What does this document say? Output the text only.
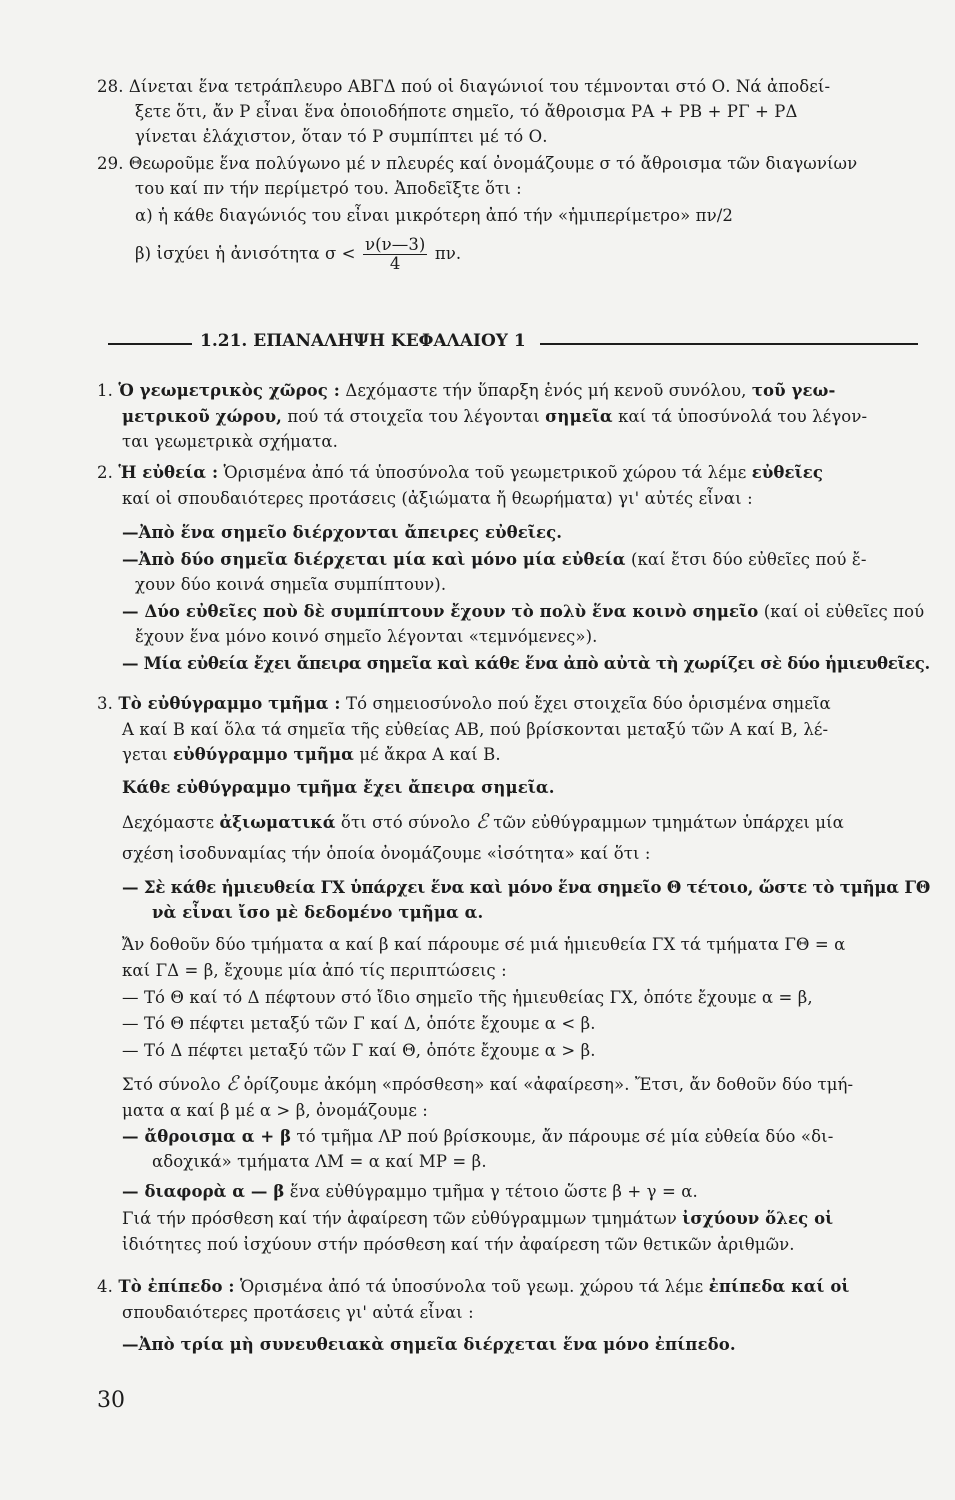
28. Δίνεται ἕνα τετράπλευρο ΑΒΓΔ πού οἱ διαγώνιοί του τέμνονται στό Ο. Νά ἀποδεί-
ξετε ὅτι, ἄν Ρ εἶναι ἕνα ὁποιοδήποτε σημεῖο, τό ἄθροισμα ΡΑ + ΡΒ + ΡΓ + ΡΔ
γίνεται ἐλάχιστον, ὅταν τό Ρ συμπίπτει μέ τό Ο.
29. Θεωροῦμε ἕνα πολύγωνο μέ ν πλευρές καί ὀνομάζουμε σ τό ἄθροισμα τῶν διαγωνίων
του καί πν τήν περίμετρό του. Ἀποδεῖξτε ὅτι :
α) ἡ κάθε διαγώνιός του εἶναι μικρότερη ἀπό τήν «ἡμιπερίμετρο» πν/2
β) ἰσχύει ἡ ἀνισότητα $\sigma < \frac{\nu(\nu—3)}{4} \pi\nu$.
1.21. ΕΠΑΝΑΛΗΨΗ ΚΕΦΑΛΑΙΟΥ 1
1. Ὁ γεωμετρικὸς χῶρος : Δεχόμαστε τήν ὕπαρξη ἑνός μή κενοῦ συνόλου, τοῦ γεω-
μετρικοῦ χώρου, πού τά στοιχεῖα του λέγονται σημεῖα καί τά ὑποσύνολά του λέγον-
ται γεωμετρικὰ σχήματα.
2. Ἡ εὐθεία : Ὁρισμένα ἀπό τά ὑποσύνολα τοῦ γεωμετρικοῦ χώρου τά λέμε εὐθεῖες
καί οἱ σπουδαιότερες προτάσεις (ἀξιώματα ἤ θεωρήματα) γι' αὐτές εἶναι :
—Ἀπὸ ἕνα σημεῖο διέρχονται ἄπειρες εὐθεῖες.
—Ἀπὸ δύο σημεῖα διέρχεται μία καὶ μόνο μία εὐθεία (καί ἔτσι δύο εὐθεῖες πού ἔ-
χουν δύο κοινά σημεῖα συμπίπτουν).
— Δύο εὐθεῖες ποὺ δὲ συμπίπτουν ἔχουν τὸ πολὺ ἕνα κοινὸ σημεῖο (καί οἱ εὐθεῖες πού
ἔχουν ἕνα μόνο κοινό σημεῖο λέγονται «τεμνόμενες»).
— Μία εὐθεία ἔχει ἄπειρα σημεῖα καὶ κάθε ἕνα ἀπὸ αὐτὰ τὴ χωρίζει σὲ δύο ἡμιευθεῖες.
3. Τὸ εὐθύγραμμο τμῆμα : Τό σημειοσύνολο πού ἔχει στοιχεῖα δύο ὁρισμένα σημεῖα
Α καί Β καί ὅλα τά σημεῖα τῆς εὐθείας ΑΒ, πού βρίσκονται μεταξύ τῶν Α καί Β, λέ-
γεται εὐθύγραμμο τμῆμα μέ ἄκρα Α καί Β.
Κάθε εὐθύγραμμο τμῆμα ἔχει ἄπειρα σημεῖα.
Δεχόμαστε ἀξιωματικά ὅτι στό σύνολο ℰ τῶν εὐθύγραμμων τμημάτων ὑπάρχει μία
σχέση ἰσοδυναμίας τήν ὁποία ὀνομάζουμε «ἰσότητα» καί ὅτι :
— Σὲ κάθε ἡμιευθεία ΓΧ ὑπάρχει ἕνα καὶ μόνο ἕνα σημεῖο Θ τέτοιο, ὥστε τὸ τμῆμα ΓΘ
νὰ εἶναι ἴσο μὲ δεδομένο τμῆμα α.
Ἄν δοθοῦν δύο τμήματα α καί β καί πάρουμε σέ μιά ἡμιευθεία ΓΧ τά τμήματα ΓΘ = α
καί ΓΔ = β, ἔχουμε μία ἀπό τίς περιπτώσεις :
— Τό Θ καί τό Δ πέφτουν στό ἴδιο σημεῖο τῆς ἡμιευθείας ΓΧ, ὁπότε ἔχουμε α = β,
— Τό Θ πέφτει μεταξύ τῶν Γ καί Δ, ὁπότε ἔχουμε α < β.
— Τό Δ πέφτει μεταξύ τῶν Γ καί Θ, ὁπότε ἔχουμε α > β.
Στό σύνολο ℰ ὁρίζουμε ἀκόμη «πρόσθεση» καί «ἀφαίρεση». Ἔτσι, ἄν δοθοῦν δύο τμή-
ματα α καί β μέ α > β, ὀνομάζουμε :
— ἄθροισμα α + β τό τμῆμα ΛΡ πού βρίσκουμε, ἄν πάρουμε σέ μία εὐθεία δύο «δι-
αδοχικά» τμήματα ΛΜ = α καί ΜΡ = β.
— διαφορὰ α — β ἕνα εὐθύγραμμο τμῆμα γ τέτοιο ὥστε β + γ = α.
Γιά τήν πρόσθεση καί τήν ἀφαίρεση τῶν εὐθύγραμμων τμημάτων ἰσχύουν ὅλες οἱ
ἰδιότητες πού ἰσχύουν στήν πρόσθεση καί τήν ἀφαίρεση τῶν θετικῶν ἀριθμῶν.
4. Τὸ ἐπίπεδο : Ὁρισμένα ἀπό τά ὑποσύνολα τοῦ γεωμ. χώρου τά λέμε ἐπίπεδα καί οἱ
σπουδαιότερες προτάσεις γι' αὐτά εἶναι :
—Ἀπὸ τρία μὴ συνευθειακὰ σημεῖα διέρχεται ἕνα μόνο ἐπίπεδο.
30
